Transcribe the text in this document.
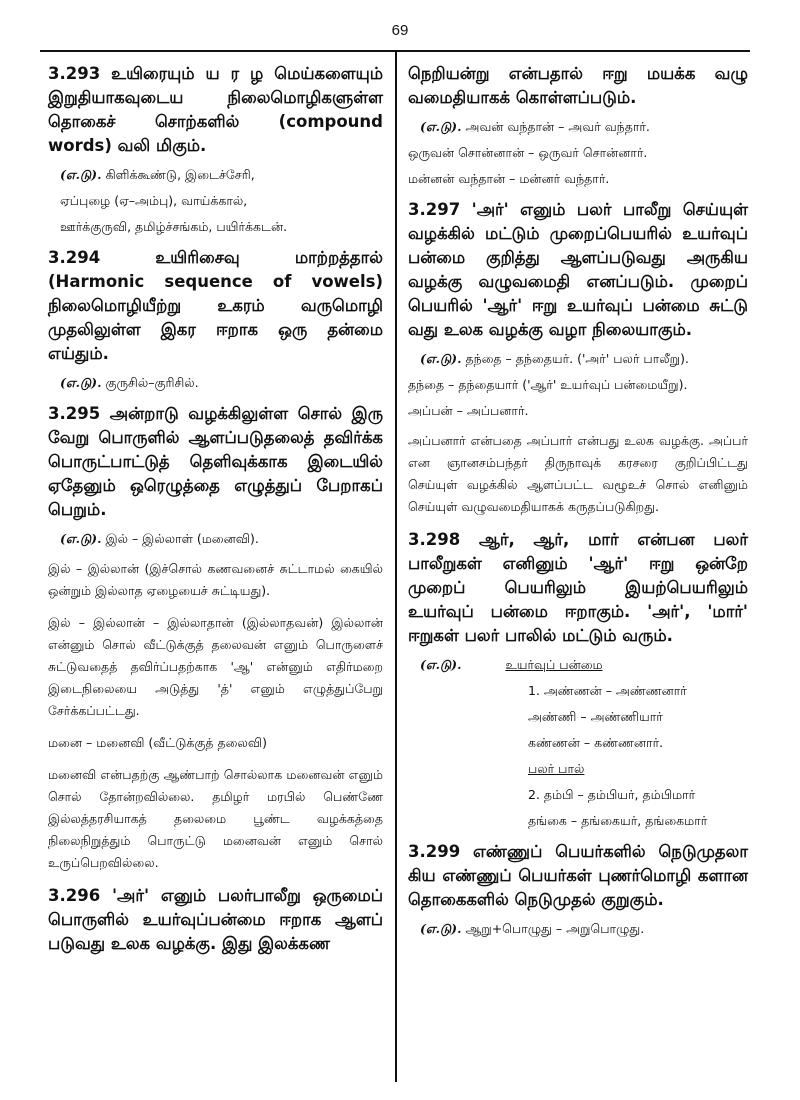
69

3.293 உயிரையும் ய ர ழ மெய்களையும் இறுதியாகவுடைய நிலைமொழிகளுள்ள தொகைச் சொற்களில் (compound words) வலி மிகும்.

(எ.டு). கிளிக்கூண்டு, இடைச்சேரி,
ஏப்புழை (ஏ–அம்பு), வாய்க்கால்,
ஊர்க்குருவி, தமிழ்ச்சங்கம், பயிர்க்கடன்.

3.294 உயிரிசைவு மாற்றத்தால் (Harmonic sequence of vowels) நிலைமொழியீற்று உகரம் வருமொழி முதலிலுள்ள இகர ஈறாக ஒரு தன்மை எய்தும்.

(எ.டு). குருசில்–குரிசில்.

3.295 அன்றாடு வழக்கிலுள்ள சொல் இரு வேறு பொருளில் ஆளப்படுதலைத் தவிர்க்க பொருட்பாட்டுத் தெளிவுக்காக இடையில் ஏதேனும் ஒரெழுத்தை எழுத்துப் பேறாகப் பெறும்.

(எ.டு). இல் – இல்லாள் (மனைவி).

இல் – இல்லான் (இச்சொல் கணவனைச் சுட்டாமல் கையில் ஒன்றும் இல்லாத ஏழையைச் சுட்டியது).

இல் – இல்லான் – இல்லாதான் (இல்லாதவன்) இல்லான் என்னும் சொல் வீட்டுக்குத் தலைவன் எனும் பொருளைச் சுட்டுவதைத் தவிர்ப்பதற்காக 'ஆ' என்னும் எதிர்மறை இடைநிலையை அடுத்து 'த்' எனும் எழுத்துப்பேறு சேர்க்கப்பட்டது.

மனை – மனைவி (வீட்டுக்குத் தலைவி)

மனைவி என்பதற்கு ஆண்பாற் சொல்லாக மனைவன் எனும் சொல் தோன்றவில்லை. தமிழர் மரபில் பெண்ணே இல்லத்தரசியாகத் தலைமை பூண்ட வழக்கத்தை நிலைநிறுத்தும் பொருட்டு மனைவன் எனும் சொல் உருப்பெறவில்லை.

3.296 'அர்' எனும் பலர்பாலீறு ஒருமைப் பொருளில் உயர்வுப்பன்மை ஈறாக ஆளப் படுவது உலக வழக்கு. இது இலக்கண

நெறியன்று என்பதால் ஈறு மயக்க வழு வமைதியாகக் கொள்ளப்படும்.

(எ.டு). அவன் வந்தான் – அவர் வந்தார்.
ஒருவன் சொன்னான் – ஒருவர் சொன்னார்.
மன்னன் வந்தான் – மன்னர் வந்தார்.

3.297 'அர்' எனும் பலர் பாலீறு செய்யுள் வழக்கில் மட்டும் முறைப்பெயரில் உயர்வுப் பன்மை குறித்து ஆளப்படுவது அருகிய வழக்கு வழுவமைதி எனப்படும். முறைப் பெயரில் 'ஆர்' ஈறு உயர்வுப் பன்மை சுட்டு வது உலக வழக்கு வழா நிலையாகும்.

(எ.டு). தந்தை – தந்தையர். ('அர்' பலர் பாலீறு).
தந்தை – தந்தையார் ('ஆர்' உயர்வுப் பன்மையீறு).
அப்பன் – அப்பனார்.

அப்பனார் என்பதை அப்பார் என்பது உலக வழக்கு. அப்பர் என ஞானசம்பந்தர் திருநாவுக் கரசரை குறிப்பிட்டது செய்யுள் வழக்கில் ஆளப்பட்ட வழூஉச் சொல் எனினும் செய்யுள் வழுவமைதியாகக் கருதப்படுகிறது.

3.298 ஆர், ஆர், மார் என்பன பலர் பாலீறுகள் எனினும் 'ஆர்' ஈறு ஒன்றே முறைப் பெயரிலும் இயற்பெயரிலும் உயர்வுப் பன்மை ஈறாகும். 'அர்', 'மார்' ஈறுகள் பலர் பாலில் மட்டும் வரும்.

(எ.டு).	உயர்வுப் பன்மை
1. அண்ணன் – அண்ணனார்
அண்ணி – அண்ணியார்
கண்ணன் – கண்ணனார்.
பலர் பால்
2. தம்பி – தம்பியர், தம்பிமார்
தங்கை – தங்கையர், தங்கைமார்

3.299 எண்ணுப் பெயர்களில் நெடுமுதலா கிய எண்ணுப் பெயர்கள் புணர்மொழி களான தொகைகளில் நெடுமுதல் குறுகும்.

(எ.டு). ஆறு+பொழுது – அறுபொழுது.
